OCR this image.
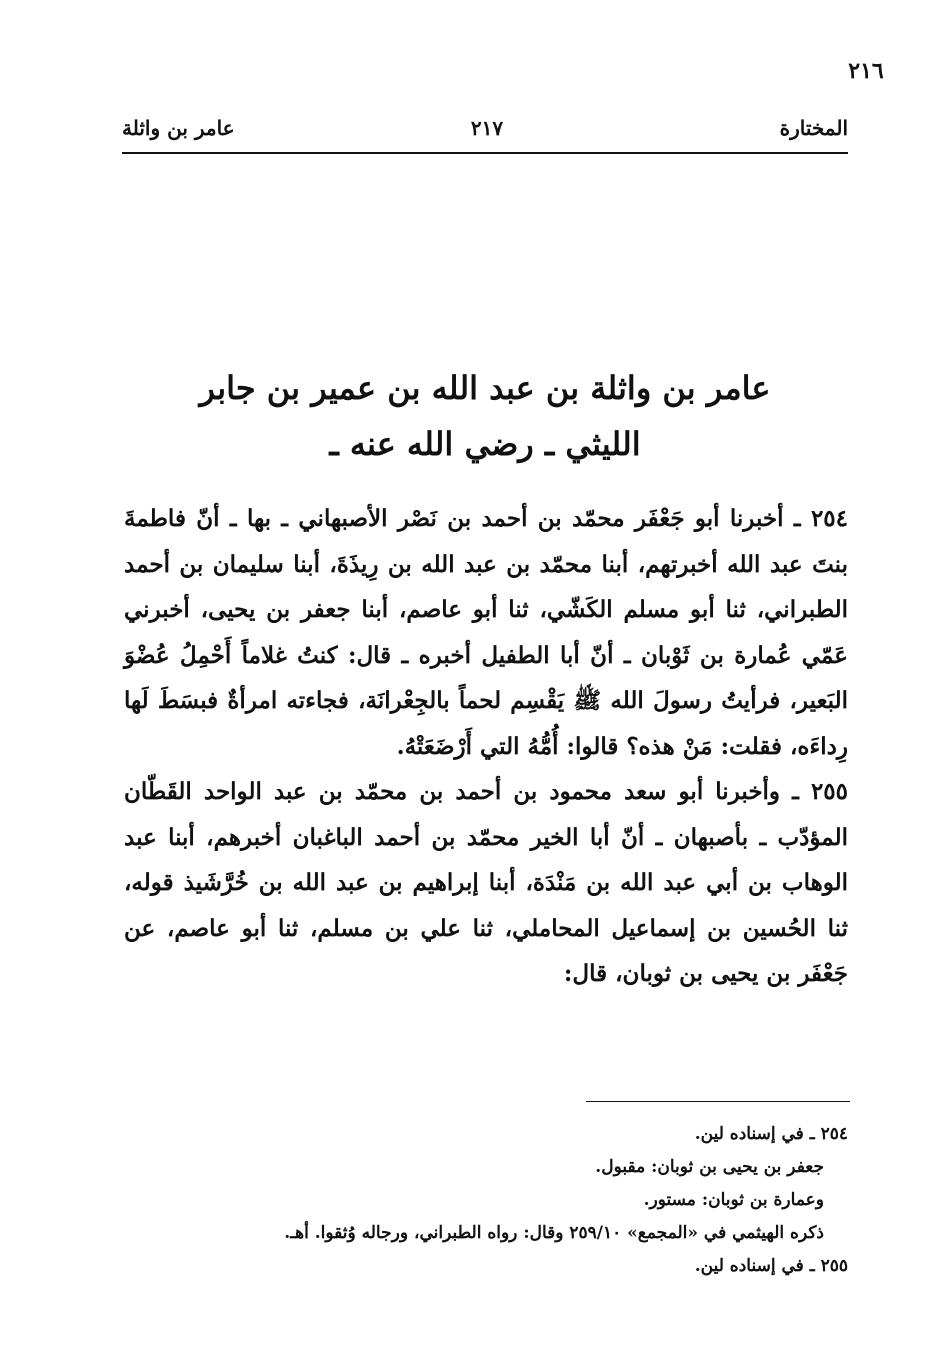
٢١٦
المختارة
٢١٧
عامر بن واثلة
عامر بن واثلة بن عبد الله بن عمير بن جابر
الليثي ـ رضي الله عنه ـ

٢٥٤ ـ أخبرنا أبو جَعْفَر محمّد بن أحمد بن نَصْر الأصبهاني ـ بها ـ أنّ فاطمةَ بنتَ عبد الله أخبرتهم، أبنا محمّد بن عبد الله بن رِيذَةَ، أبنا سليمان بن أحمد الطبراني، ثنا أبو مسلم الكَشّي، ثنا أبو عاصم، أبنا جعفر بن يحيى، أخبرني عَمّي عُمارة بن ثَوْبان ـ أنّ أبا الطفيل أخبره ـ قال: كنتُ غلاماً أَحْمِلُ عُضْوَ البَعير، فرأيتُ رسولَ الله ﷺ يَقْسِم لحماً بالجِعْرانَة، فجاءته امرأةٌ فبسَطَ لَها رِداءَه، فقلت: مَنْ هذه؟ قالوا: أُمُّهُ التي أَرْضَعَتْهُ.

٢٥٥ ـ وأخبرنا أبو سعد محمود بن أحمد بن محمّد بن عبد الواحد القَطّان المؤدّب ـ بأصبهان ـ أنّ أبا الخير محمّد بن أحمد الباغبان أخبرهم، أبنا عبد الوهاب بن أبي عبد الله بن مَنْدَة، أبنا إبراهيم بن عبد الله بن خُرَّشَيذ قوله، ثنا الحُسين بن إسماعيل المحاملي، ثنا علي بن مسلم، ثنا أبو عاصم، عن جَعْفَر بن يحيى بن ثوبان، قال:

٢٥٤ ـ في إسناده لين.
جعفر بن يحيى بن ثوبان: مقبول.
وعمارة بن ثوبان: مستور.
ذكره الهيثمي في «المجمع» ٢٥٩/١٠ وقال: رواه الطبراني، ورجاله وُثقوا. أهـ.
٢٥٥ ـ في إسناده لين.
